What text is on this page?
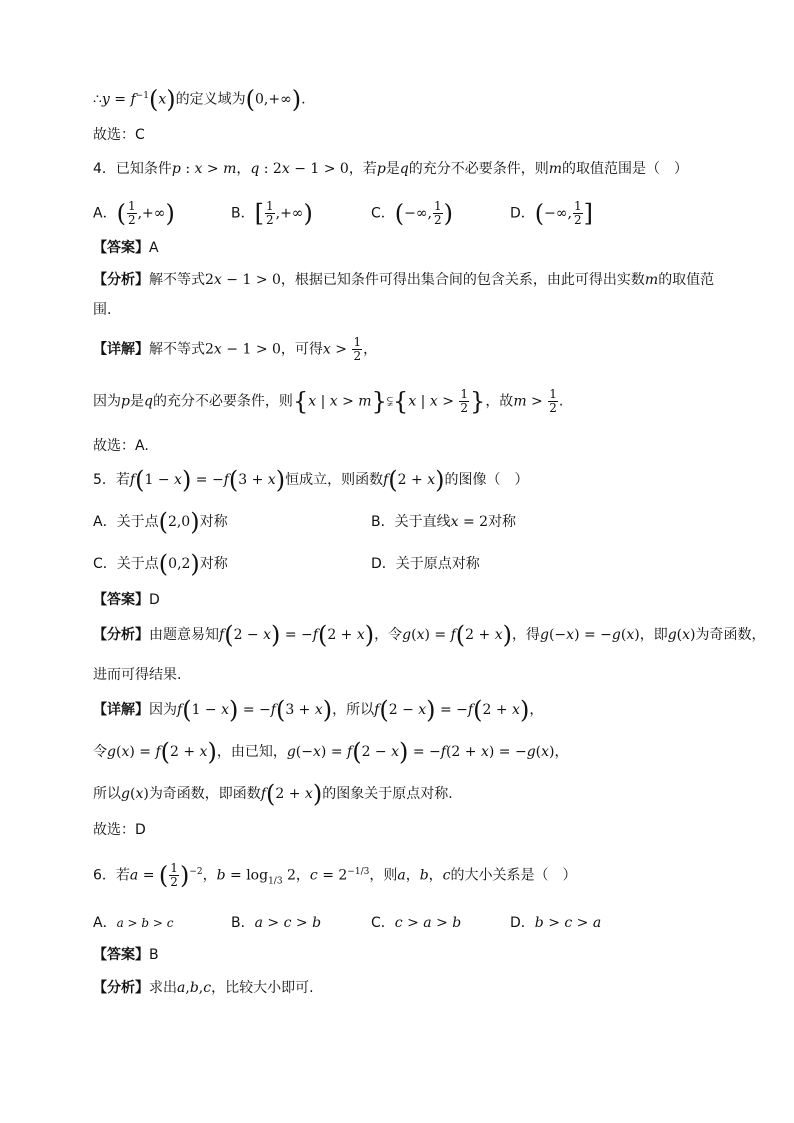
∴y = $f^{-1}(x)$的定义域为(0,+∞).
故选：C
4．已知条件p : x > m，q : 2x − 1 > 0，若p是q的充分不必要条件，则m的取值范围是（　）
A．( $\frac{1}{2}$ ,+∞)	B．[ $\frac{1}{2}$ ,+∞)	C．(−∞, $\frac{1}{2}$ )	D．(−∞, $\frac{1}{2}$ ]
【答案】A
【分析】解不等式2x − 1 > 0，根据已知条件可得出集合间的包含关系，由此可得出实数m的取值范
围.
【详解】解不等式2x − 1 > 0，可得$x > \frac{1}{2}$ ，
因为p是q的充分不必要条件，则{x | x > m}⫋{x | $x > \frac{1}{2}$ }，故$m > \frac{1}{2}$ .
故选：A.
5．若f(1 − x) = −f(3 + x)恒成立，则函数f(2 + x)的图像（　）
A．关于点(2,0)对称	B．关于直线x = 2对称
C．关于点(0,2)对称	D．关于原点对称
【答案】D
【分析】由题意易知f(2 − x) = −f(2 + x)，令g(x) = f(2 + x)，得g(−x) = −g(x)，即g(x)为奇函数，
进而可得结果.
【详解】因为f(1 − x) = −f(3 + x)，所以f(2 − x) = −f(2 + x)，
令g(x) = f(2 + x)，由已知，g(−x) = f(2 − x) = −f(2 + x) = −g(x)，
所以g(x)为奇函数，即函数f(2 + x)的图象关于原点对称.
故选：D
6．若a = ( $\frac{1}{2} )^{-2}$，$b = \log_{1/3} 2$，$c = 2^{-1/3}$，则a，b，c的大小关系是（　）
A．a > b > c	B．a > c > b	C．c > a > b	D．b > c > a
【答案】B
【分析】求出a,b,c，比较大小即可.
